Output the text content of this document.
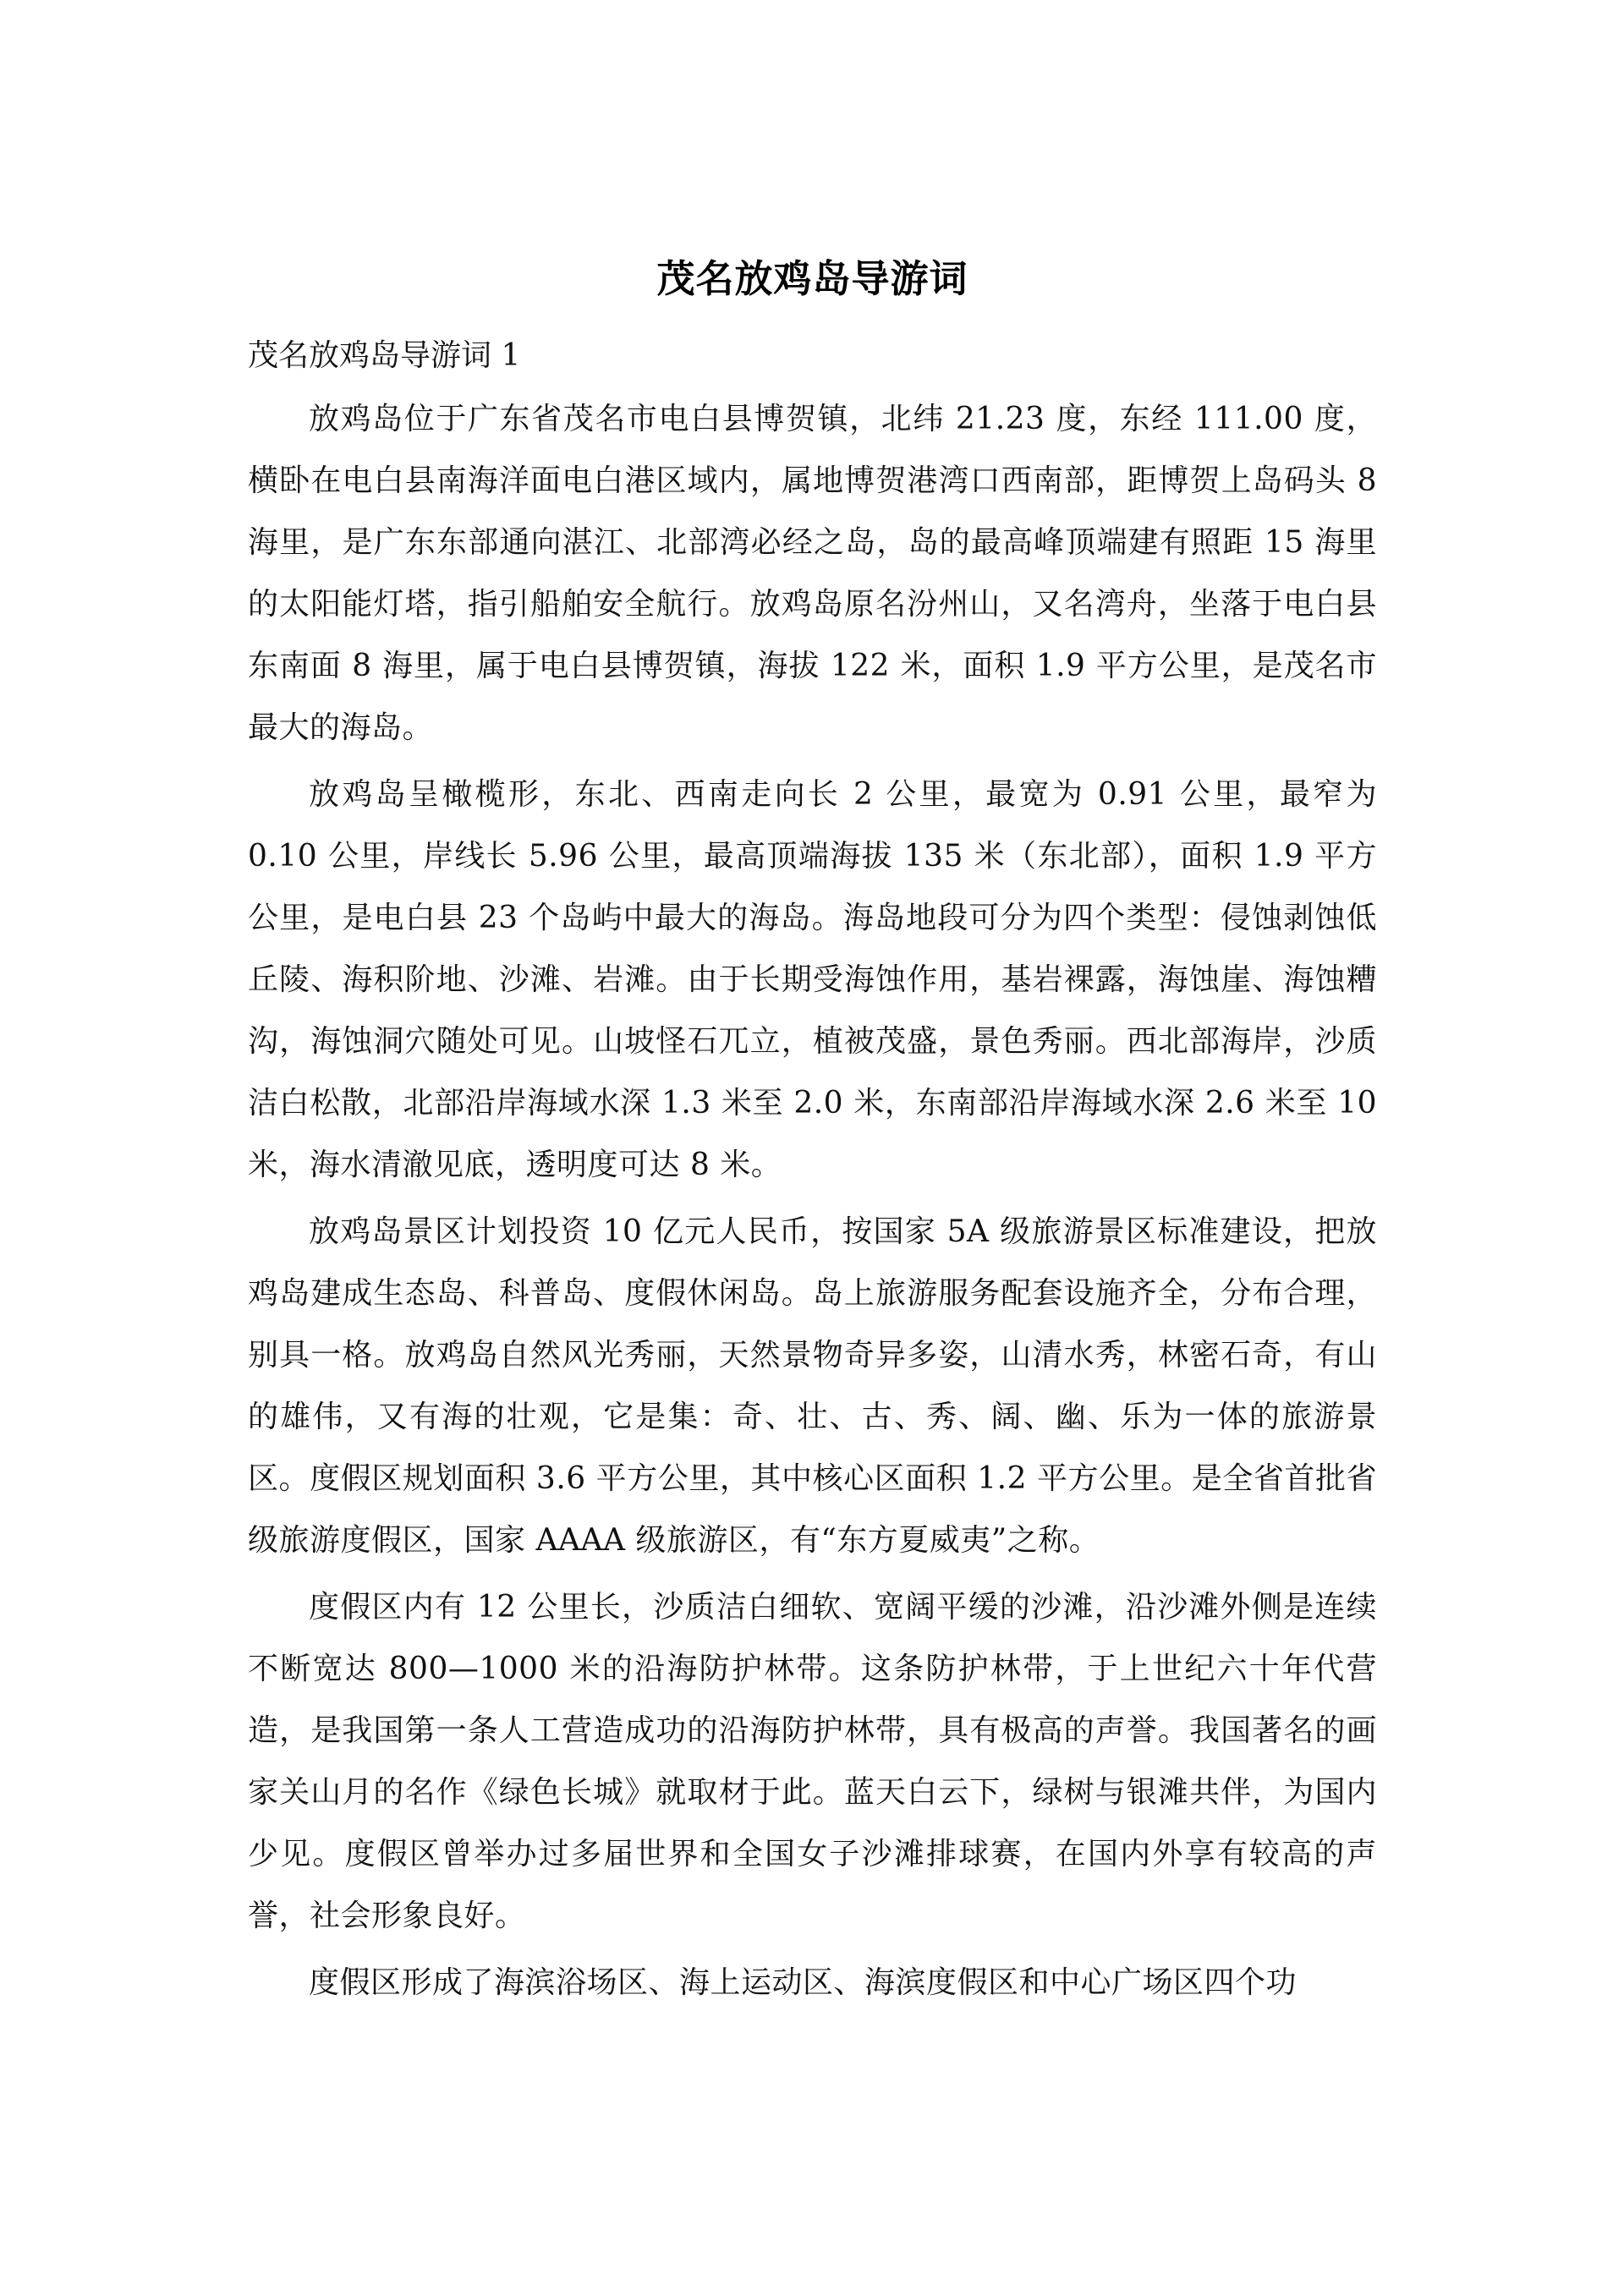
茂名放鸡岛导游词

茂名放鸡岛导游词 1

放鸡岛位于广东省茂名市电白县博贺镇，北纬 21.23 度，东经 111.00 度，横卧在电白县南海洋面电白港区域内，属地博贺港湾口西南部，距博贺上岛码头 8 海里，是广东东部通向湛江、北部湾必经之岛，岛的最高峰顶端建有照距 15 海里的太阳能灯塔，指引船舶安全航行。放鸡岛原名汾州山，又名湾舟，坐落于电白县东南面 8 海里，属于电白县博贺镇，海拔 122 米，面积 1.9 平方公里，是茂名市最大的海岛。

放鸡岛呈橄榄形，东北、西南走向长 2 公里，最宽为 0.91 公里，最窄为 0.10 公里，岸线长 5.96 公里，最高顶端海拔 135 米（东北部），面积 1.9 平方公里，是电白县 23 个岛屿中最大的海岛。海岛地段可分为四个类型：侵蚀剥蚀低丘陵、海积阶地、沙滩、岩滩。由于长期受海蚀作用，基岩裸露，海蚀崖、海蚀糟沟，海蚀洞穴随处可见。山坡怪石兀立，植被茂盛，景色秀丽。西北部海岸，沙质洁白松散，北部沿岸海域水深 1.3 米至 2.0 米，东南部沿岸海域水深 2.6 米至 10 米，海水清澈见底，透明度可达 8 米。

放鸡岛景区计划投资 10 亿元人民币，按国家 5A 级旅游景区标准建设，把放鸡岛建成生态岛、科普岛、度假休闲岛。岛上旅游服务配套设施齐全，分布合理，别具一格。放鸡岛自然风光秀丽，天然景物奇异多姿，山清水秀，林密石奇，有山的雄伟，又有海的壮观，它是集：奇、壮、古、秀、阔、幽、乐为一体的旅游景区。度假区规划面积 3.6 平方公里，其中核心区面积 1.2 平方公里。是全省首批省级旅游度假区，国家 AAAA 级旅游区，有“东方夏威夷”之称。

度假区内有 12 公里长，沙质洁白细软、宽阔平缓的沙滩，沿沙滩外侧是连续不断宽达 800—1000 米的沿海防护林带。这条防护林带，于上世纪六十年代营造，是我国第一条人工营造成功的沿海防护林带，具有极高的声誉。我国著名的画家关山月的名作《绿色长城》就取材于此。蓝天白云下，绿树与银滩共伴，为国内少见。度假区曾举办过多届世界和全国女子沙滩排球赛，在国内外享有较高的声誉，社会形象良好。

度假区形成了海滨浴场区、海上运动区、海滨度假区和中心广场区四个功
